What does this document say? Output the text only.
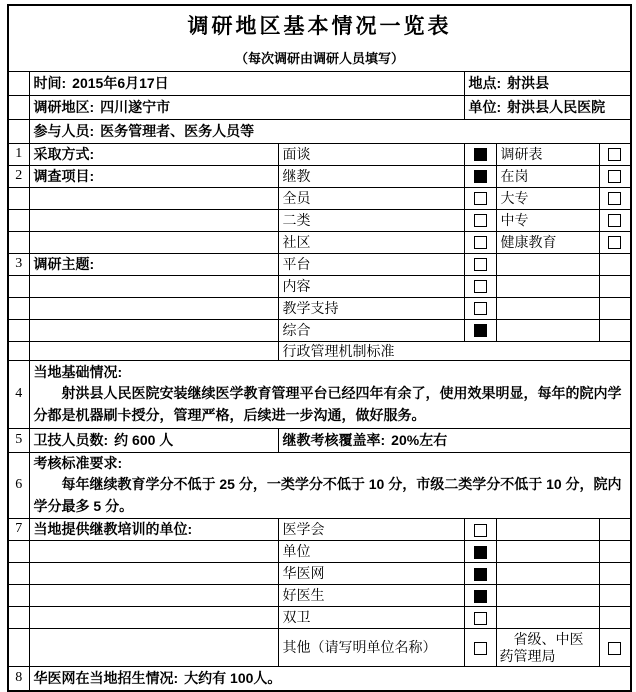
调研地区基本情况一览表
（每次调研由调研人员填写）					

	时间: 2015年6月17日		地点: 射洪县		
	调研地区: 四川遂宁市		单位: 射洪县人民医院		
	参与人员: 医务管理者、医务人员等				
1	采取方式:	面谈		调研表	
2	调查项目:	继教		在岗	
		全员		大专	
		二类		中专	
		社区		健康教育	
3	调研主题:	平台			
		内容			
		教学支持			
		综合			
		行政管理机制标准			
4	当地基础情况:
射洪县人民医院安装继续医学教育管理平台已经四年有余了，使用效果明显，每年的院内学分都是机器刷卡授分，管理严格，后续进一步沟通，做好服务。				

5	卫技人员数: 约 600 人	继教考核覆盖率: 20%左右			
6	考核标准要求:
每年继续教育学分不低于 25 分，一类学分不低于 10 分，市级二类学分不低于 10 分，院内学分最多 5 分。				

7	当地提供继教培训的单位:	医学会			
		单位			
		华医网			
		好医生			
		双卫			
		其他（请写明单位名称）		省级、中医药管理局	
8	华医网在当地招生情况: 大约有 100人。				
